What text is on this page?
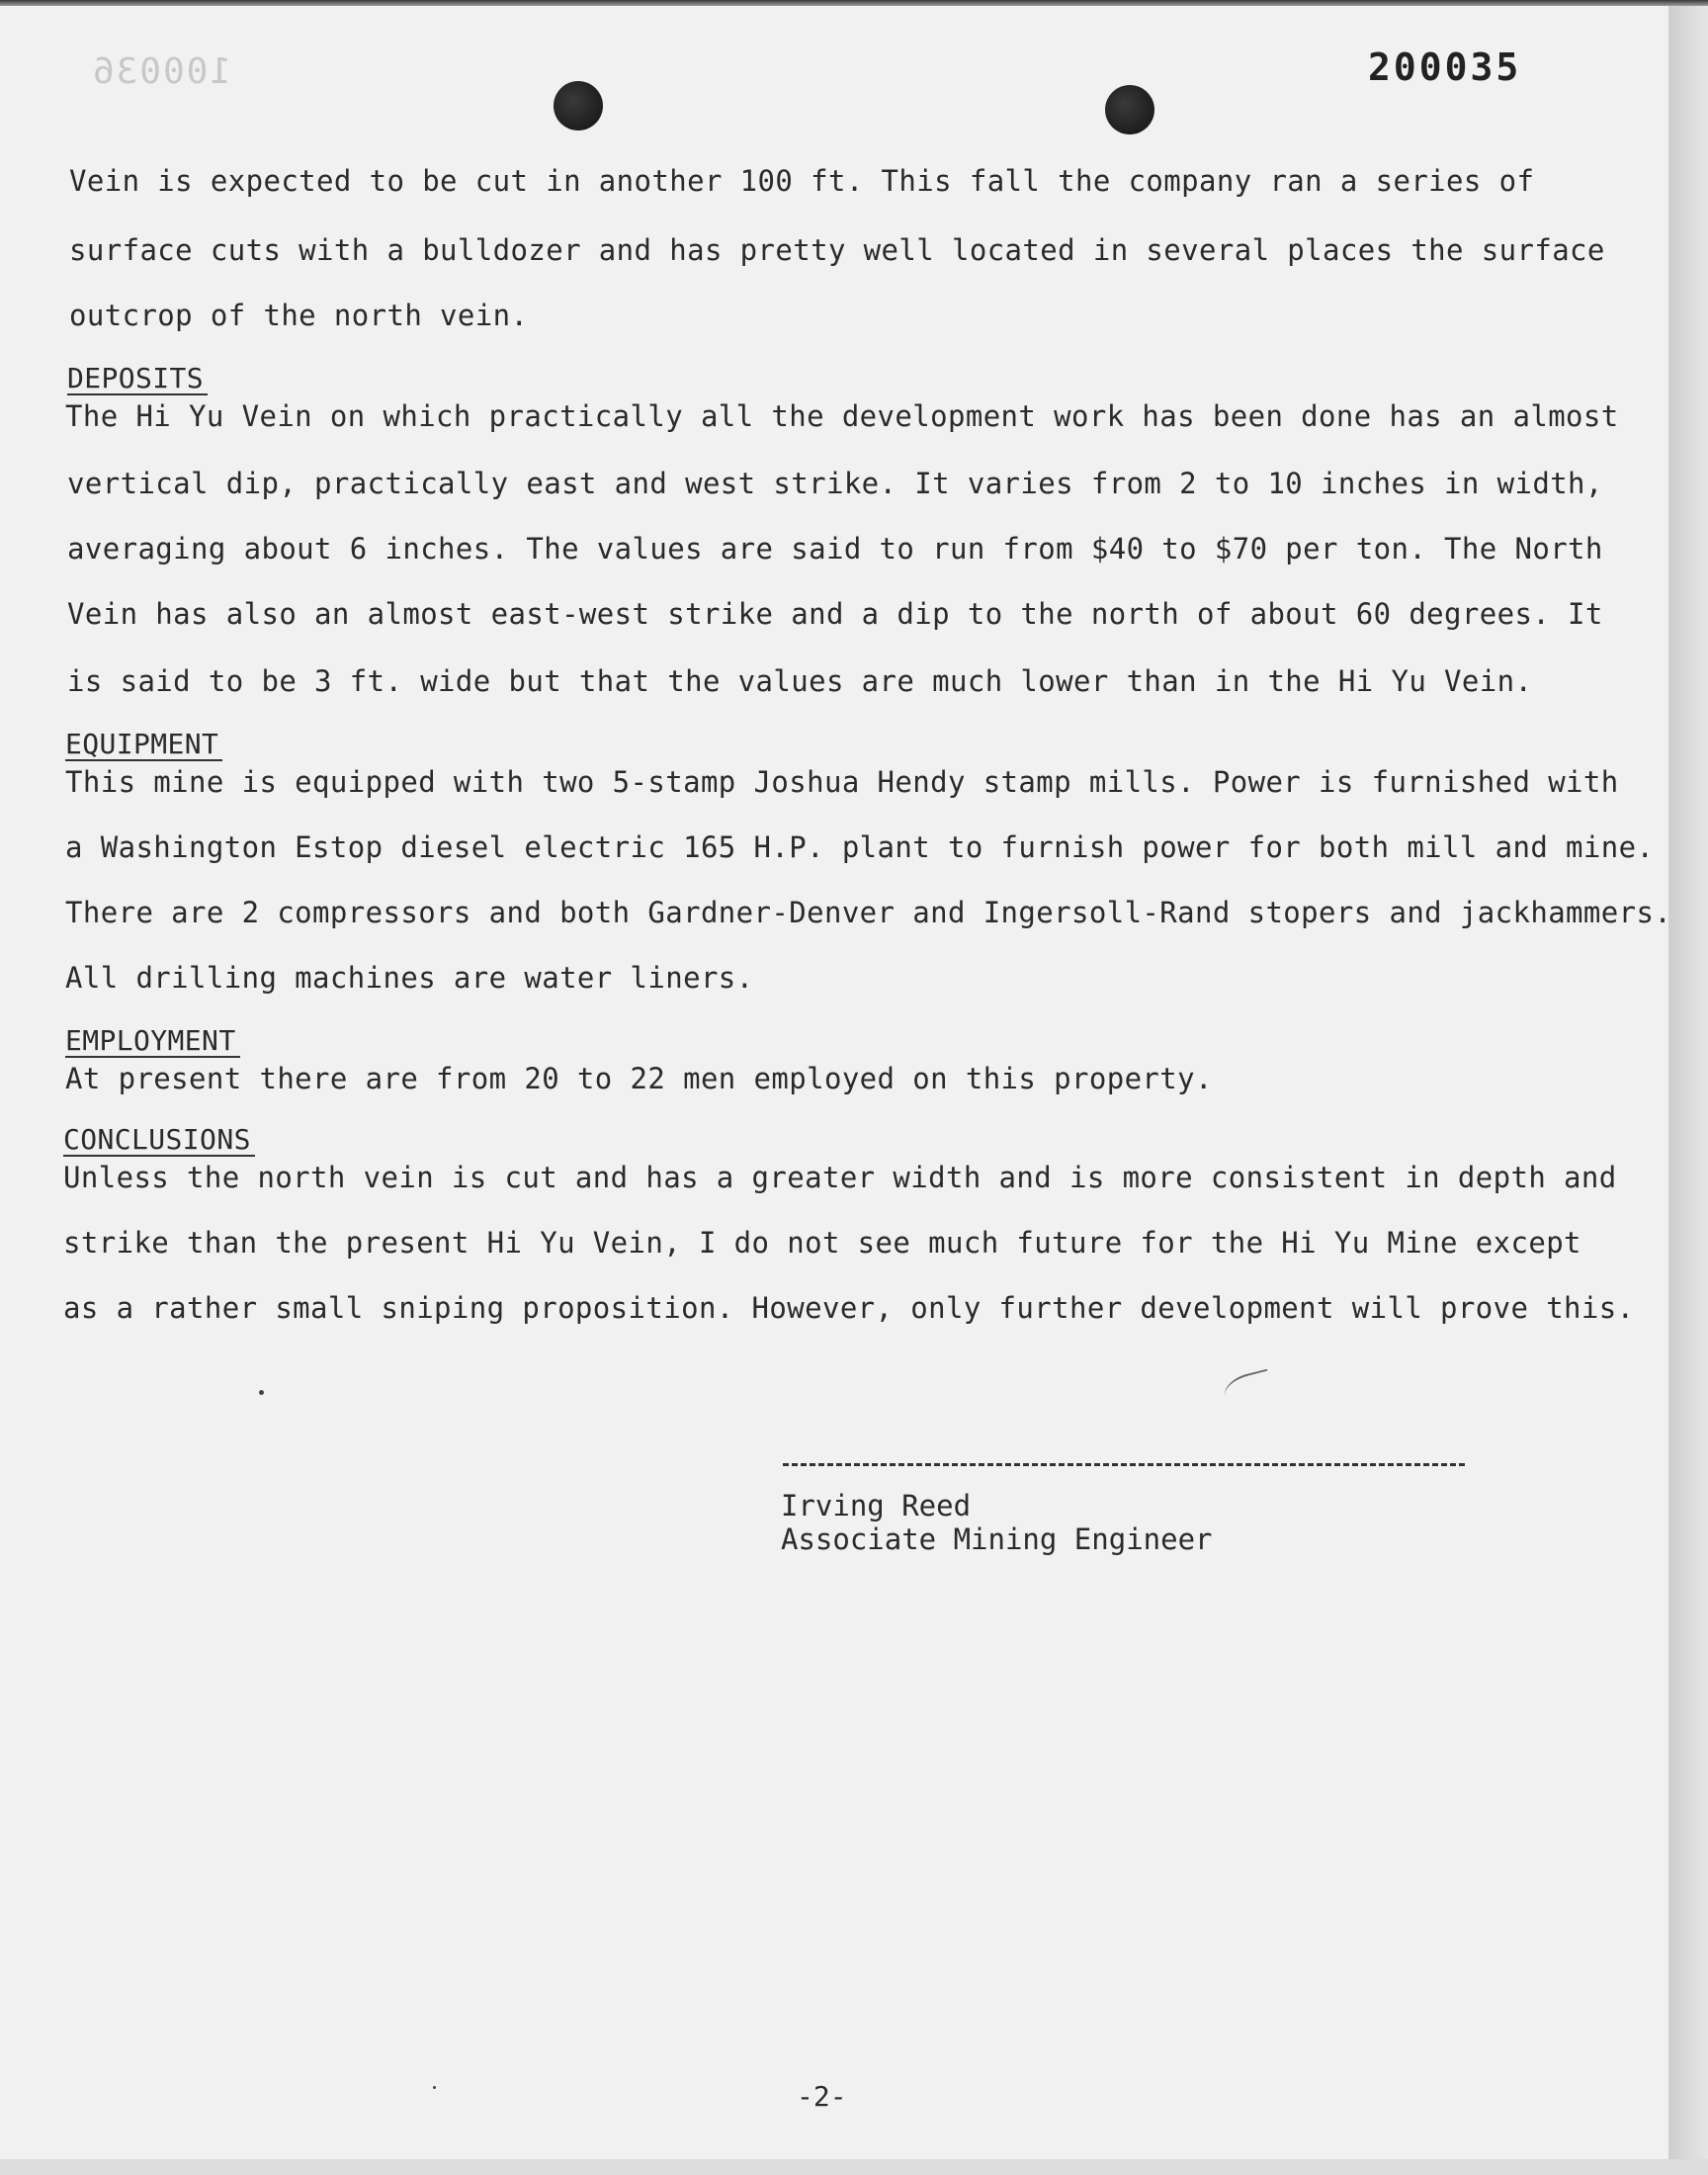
100036	200035
Vein is expected to be cut in another 100 ft. This fall the company ran a series of
surface cuts with a bulldozer and has pretty well located in several places the surface
outcrop of the north vein.
DEPOSITS
The Hi Yu Vein on which practically all the development work has been done has an almost
vertical dip, practically east and west strike. It varies from 2 to 10 inches in width,
averaging about 6 inches. The values are said to run from $40 to $70 per ton. The North
Vein has also an almost east-west strike and a dip to the north of about 60 degrees. It
is said to be 3 ft. wide but that the values are much lower than in the Hi Yu Vein.
EQUIPMENT
This mine is equipped with two 5-stamp Joshua Hendy stamp mills. Power is furnished with
a Washington Estop diesel electric 165 H.P. plant to furnish power for both mill and mine.
There are 2 compressors and both Gardner-Denver and Ingersoll-Rand stopers and jackhammers.
All drilling machines are water liners.
EMPLOYMENT
At present there are from 20 to 22 men employed on this property.
CONCLUSIONS
Unless the north vein is cut and has a greater width and is more consistent in depth and
strike than the present Hi Yu Vein, I do not see much future for the Hi Yu Mine except
as a rather small sniping proposition. However, only further development will prove this.
Irving Reed
Associate Mining Engineer
-2-
